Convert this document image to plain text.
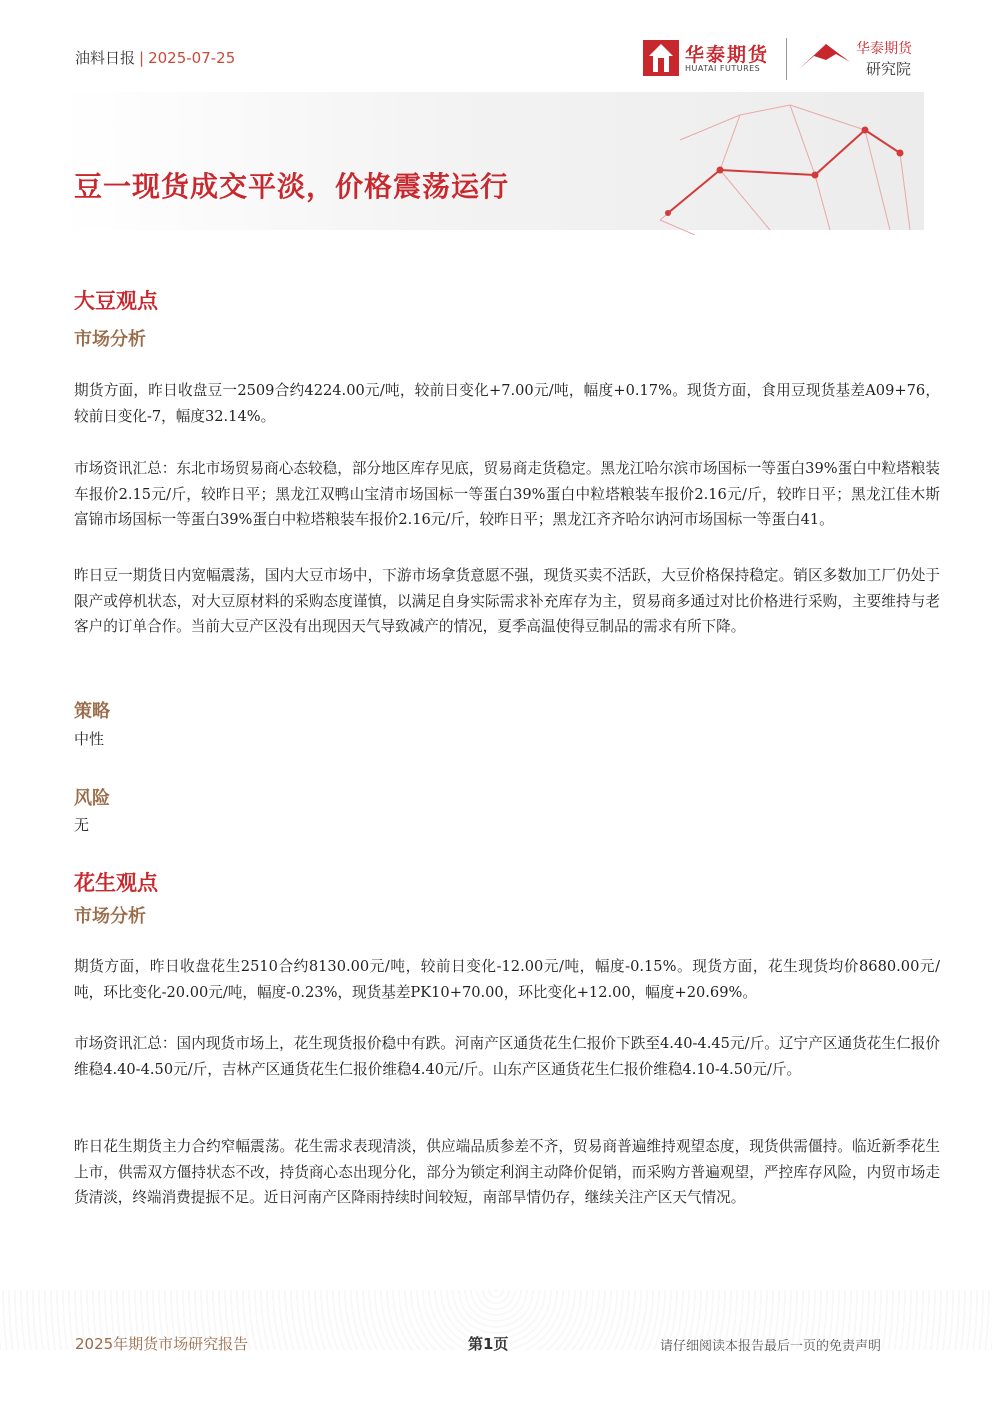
油料日报 | 2025-07-25	华泰期货
HUATAI FUTURES
华泰期货
研究院
豆一现货成交平淡，价格震荡运行
大豆观点
市场分析

期货方面，昨日收盘豆一2509合约4224.00元/吨，较前日变化+7.00元/吨，幅度+0.17%。现货方面，食用豆现货基差A09+76，较前日变化-7，幅度32.14%。

市场资讯汇总：东北市场贸易商心态较稳，部分地区库存见底，贸易商走货稳定。黑龙江哈尔滨市场国标一等蛋白39%蛋白中粒塔粮装车报价2.15元/斤，较昨日平；黑龙江双鸭山宝清市场国标一等蛋白39%蛋白中粒塔粮装车报价2.16元/斤，较昨日平；黑龙江佳木斯富锦市场国标一等蛋白39%蛋白中粒塔粮装车报价2.16元/斤，较昨日平；黑龙江齐齐哈尔讷河市场国标一等蛋白41。

昨日豆一期货日内宽幅震荡，国内大豆市场中，下游市场拿货意愿不强，现货买卖不活跃，大豆价格保持稳定。销区多数加工厂仍处于限产或停机状态，对大豆原材料的采购态度谨慎，以满足自身实际需求补充库存为主，贸易商多通过对比价格进行采购，主要维持与老客户的订单合作。当前大豆产区没有出现因天气导致减产的情况，夏季高温使得豆制品的需求有所下降。

策略
中性
风险
无
花生观点
市场分析

期货方面，昨日收盘花生2510合约8130.00元/吨，较前日变化-12.00元/吨，幅度-0.15%。现货方面，花生现货均价8680.00元/吨，环比变化-20.00元/吨，幅度-0.23%，现货基差PK10+70.00，环比变化+12.00，幅度+20.69%。

市场资讯汇总：国内现货市场上，花生现货报价稳中有跌。河南产区通货花生仁报价下跌至4.40-4.45元/斤。辽宁产区通货花生仁报价维稳4.40-4.50元/斤，吉林产区通货花生仁报价维稳4.40元/斤。山东产区通货花生仁报价维稳4.10-4.50元/斤。

昨日花生期货主力合约窄幅震荡。花生需求表现清淡，供应端品质参差不齐，贸易商普遍维持观望态度，现货供需僵持。临近新季花生上市，供需双方僵持状态不改，持货商心态出现分化，部分为锁定利润主动降价促销，而采购方普遍观望，严控库存风险，内贸市场走货清淡，终端消费提振不足。近日河南产区降雨持续时间较短，南部旱情仍存，继续关注产区天气情况。

2025年期货市场研究报告	第1页	请仔细阅读本报告最后一页的免责声明
